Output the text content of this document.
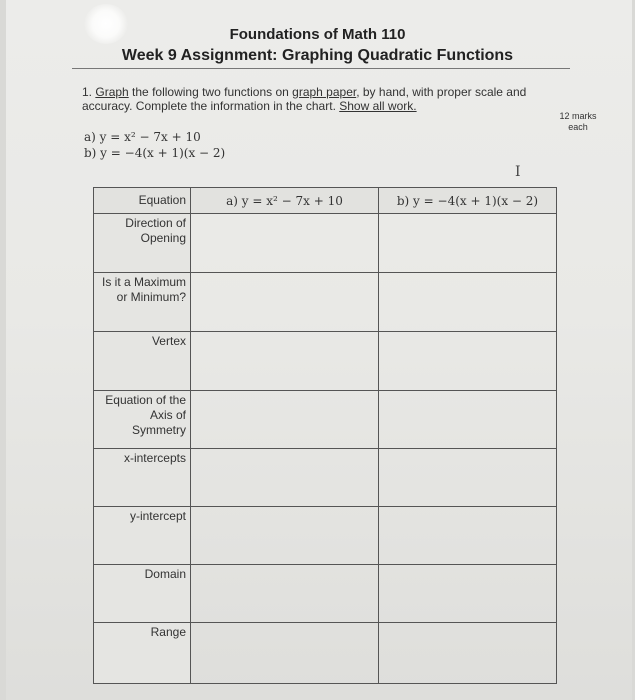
Foundations of Math 110
Week 9 Assignment: Graphing Quadratic Functions
1. Graph the following two functions on graph paper, by hand, with proper scale and accuracy. Complete the information in the chart. Show all work.
12 marks
each
a) y = x² − 7x + 10
b) y = −4(x + 1)(x − 2)
I
Equation	a) y = x² − 7x + 10	b) y = −4(x + 1)(x − 2)

Direction of
Opening		

Is it a Maximum
or Minimum?		

Vertex		

Equation of the
Axis of
Symmetry		

x-intercepts		

y-intercept		

Domain		

Range		
